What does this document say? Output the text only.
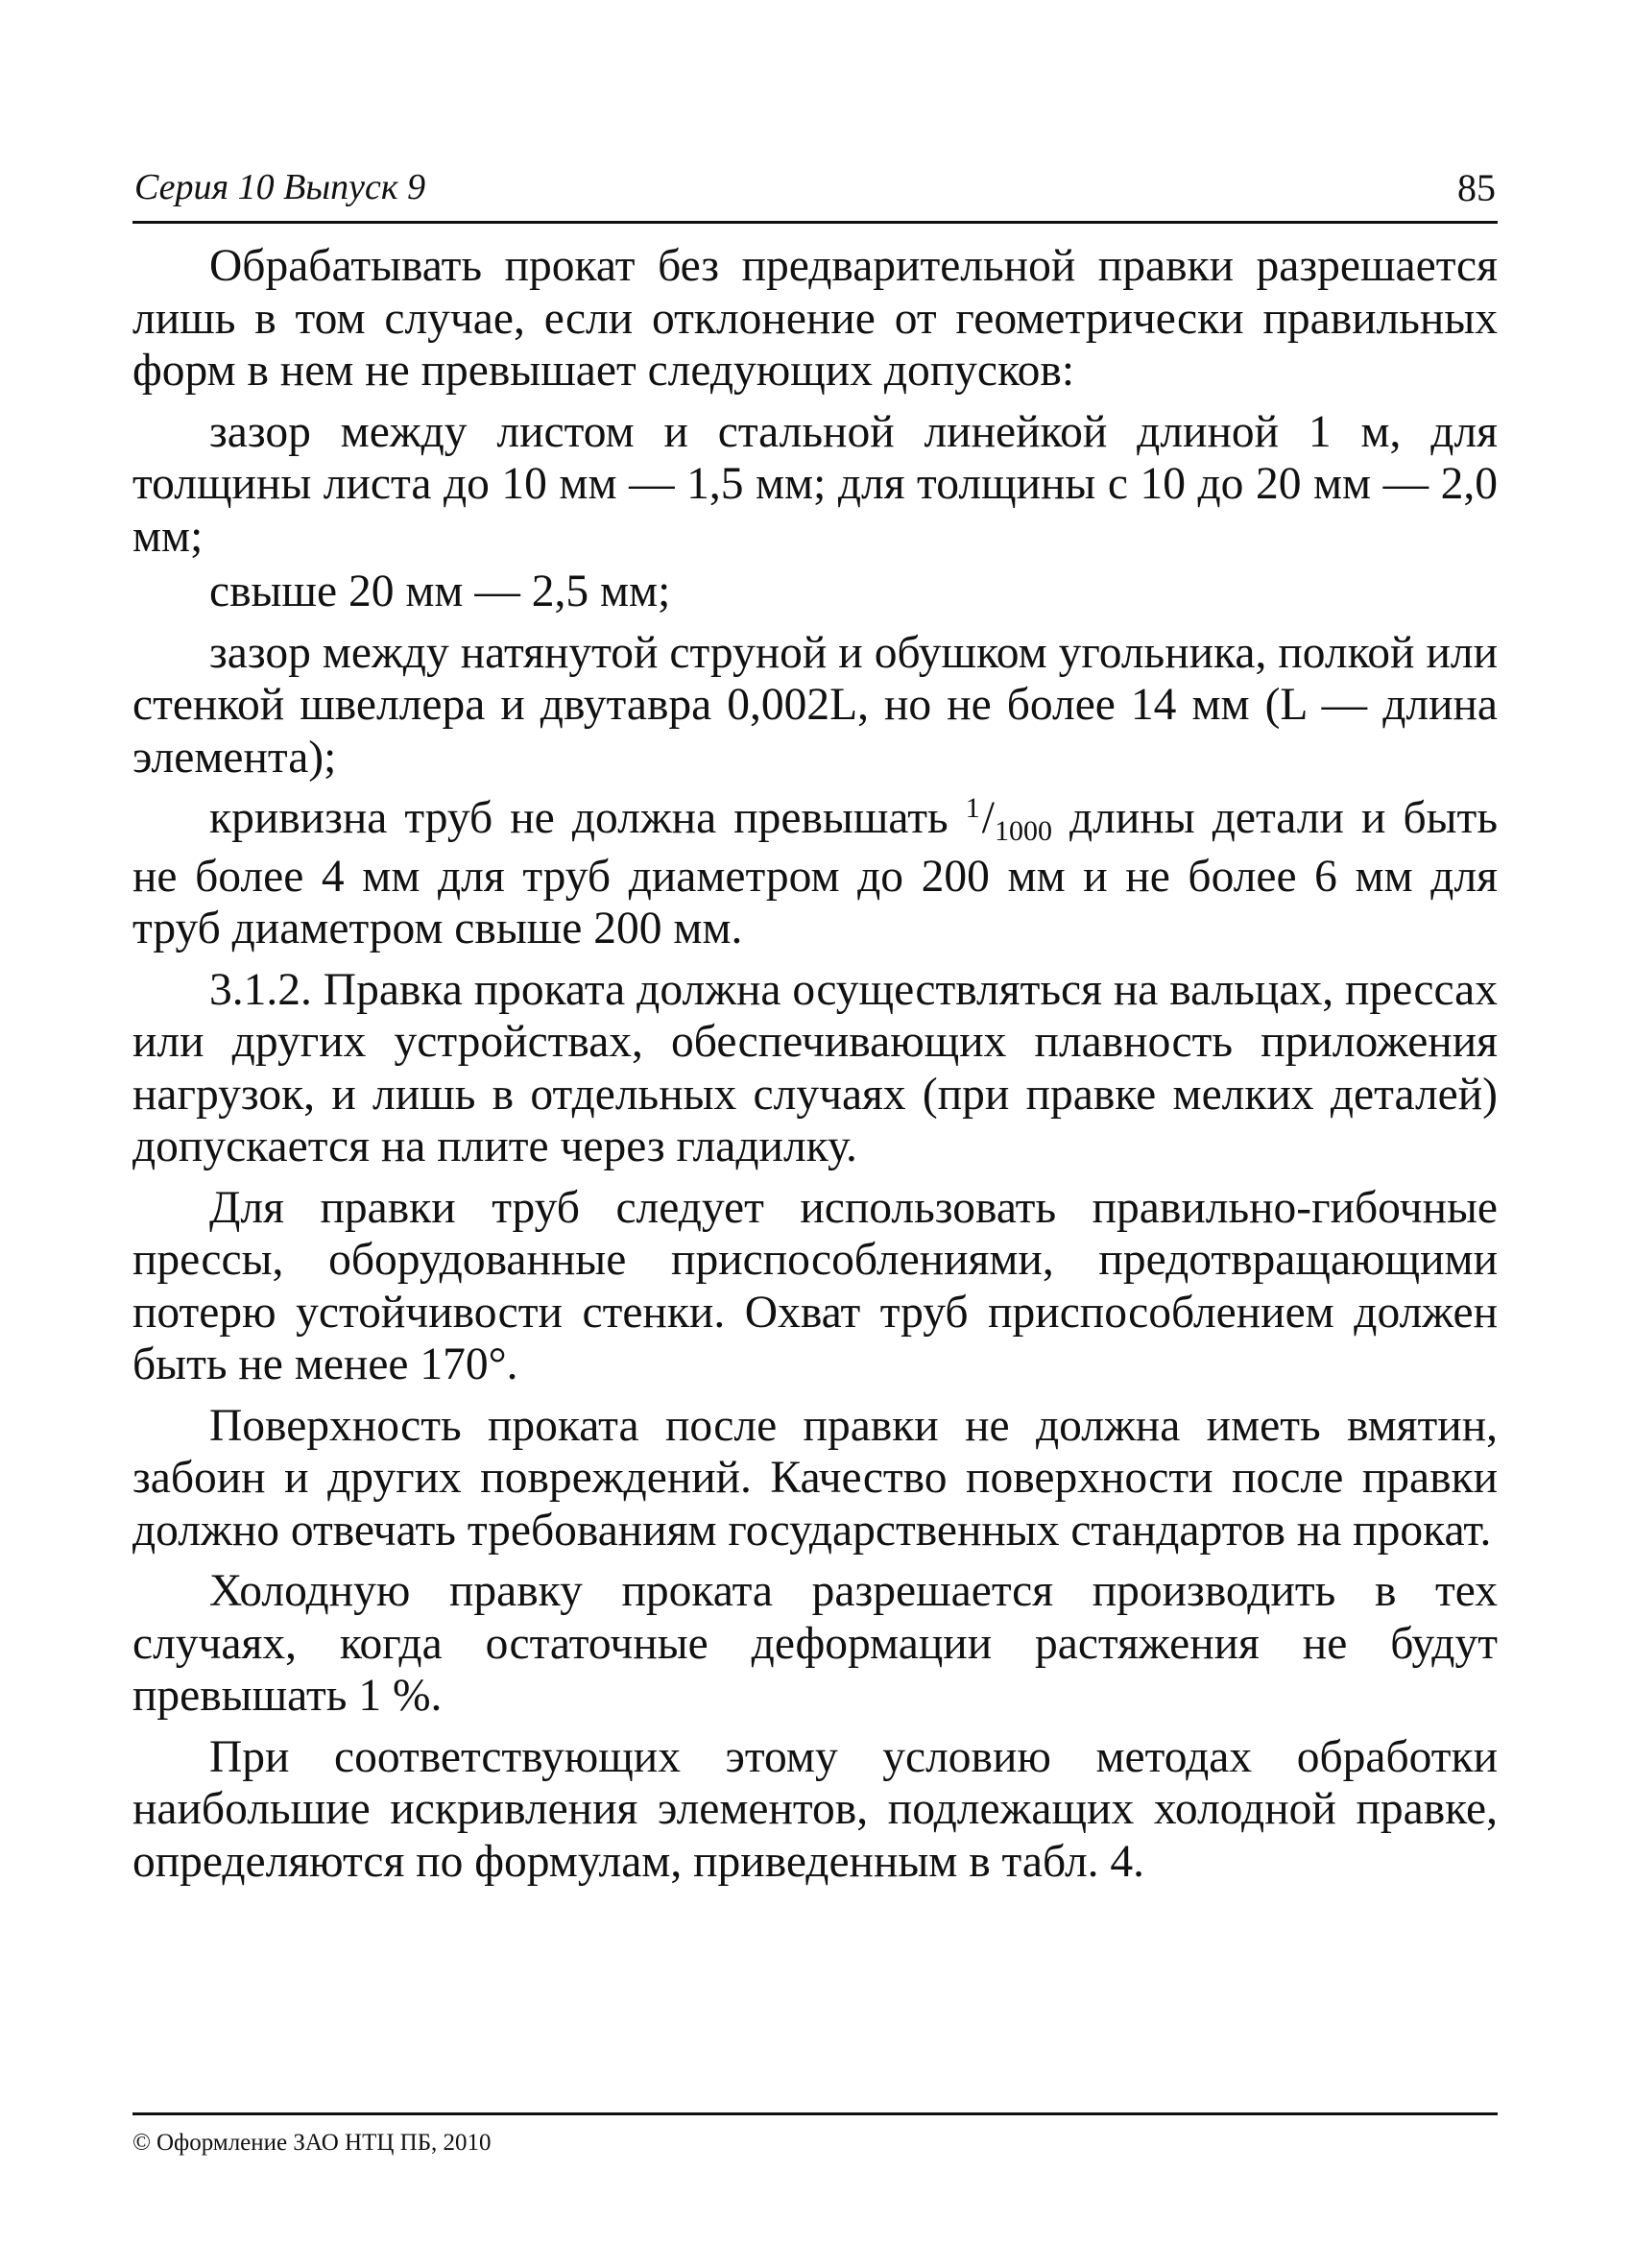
Серия 10 Выпуск 9	85

Обрабатывать прокат без предварительной правки разрешается лишь в том случае, если отклонение от геометрически правильных форм в нем не превышает следующих допусков:

зазор между листом и стальной линейкой длиной 1 м, для толщины листа до 10 мм — 1,5 мм; для толщины с 10 до 20 мм — 2,0 мм;

свыше 20 мм — 2,5 мм;

зазор между натянутой струной и обушком угольника, полкой или стенкой швеллера и двутавра 0,002L, но не более 14 мм (L — длина элемента);

кривизна труб не должна превышать $^1$/1000 длины детали и быть не более 4 мм для труб диаметром до 200 мм и не более 6 мм для труб диаметром свыше 200 мм.

3.1.2. Правка проката должна осуществляться на вальцах, прессах или других устройствах, обеспечивающих плавность приложения нагрузок, и лишь в отдельных случаях (при правке мелких деталей) допускается на плите через гладилку.

Для правки труб следует использовать правильно-гибочные прессы, оборудованные приспособлениями, предотвращающими потерю устойчивости стенки. Охват труб приспособлением должен быть не менее 170°.

Поверхность проката после правки не должна иметь вмятин, забоин и других повреждений. Качество поверхности после правки должно отвечать требованиям государственных стандартов на прокат.

Холодную правку проката разрешается производить в тех случаях, когда остаточные деформации растяжения не будут превышать 1 %.

При соответствующих этому условию методах обработки наибольшие искривления элементов, подлежащих холодной правке, определяются по формулам, приведенным в табл. 4.

© Оформление ЗАО НТЦ ПБ, 2010
